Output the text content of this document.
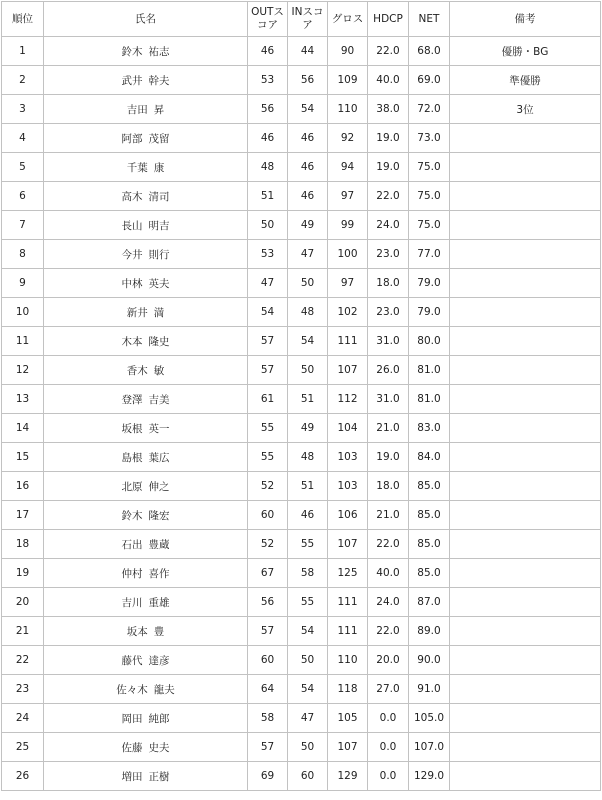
順位	氏名	OUTスコア	INスコア	グロス	HDCP	NET	備考
1	鈴木 祐志	46	44	90	22.0	68.0	優勝・BG
2	武井 幹夫	53	56	109	40.0	69.0	準優勝
3	吉田 昇	56	54	110	38.0	72.0	3位
4	阿部 茂留	46	46	92	19.0	73.0	
5	千葉 康	48	46	94	19.0	75.0	
6	高木 清司	51	46	97	22.0	75.0	
7	長山 明吉	50	49	99	24.0	75.0	
8	今井 則行	53	47	100	23.0	77.0	
9	中林 英夫	47	50	97	18.0	79.0	
10	新井 満	54	48	102	23.0	79.0	
11	木本 隆史	57	54	111	31.0	80.0	
12	香木 敏	57	50	107	26.0	81.0	
13	登澤 吉美	61	51	112	31.0	81.0	
14	坂根 英一	55	49	104	21.0	83.0	
15	島根 葉広	55	48	103	19.0	84.0	
16	北原 伸之	52	51	103	18.0	85.0	
17	鈴木 隆宏	60	46	106	21.0	85.0	
18	石出 豊蔵	52	55	107	22.0	85.0	
19	仲村 喜作	67	58	125	40.0	85.0	
20	吉川 重雄	56	55	111	24.0	87.0	
21	坂本 豊	57	54	111	22.0	89.0	
22	藤代 達彦	60	50	110	20.0	90.0	
23	佐々木 龍夫	64	54	118	27.0	91.0	
24	岡田 純郎	58	47	105	0.0	105.0	
25	佐藤 史夫	57	50	107	0.0	107.0	
26	増田 正樹	69	60	129	0.0	129.0	
